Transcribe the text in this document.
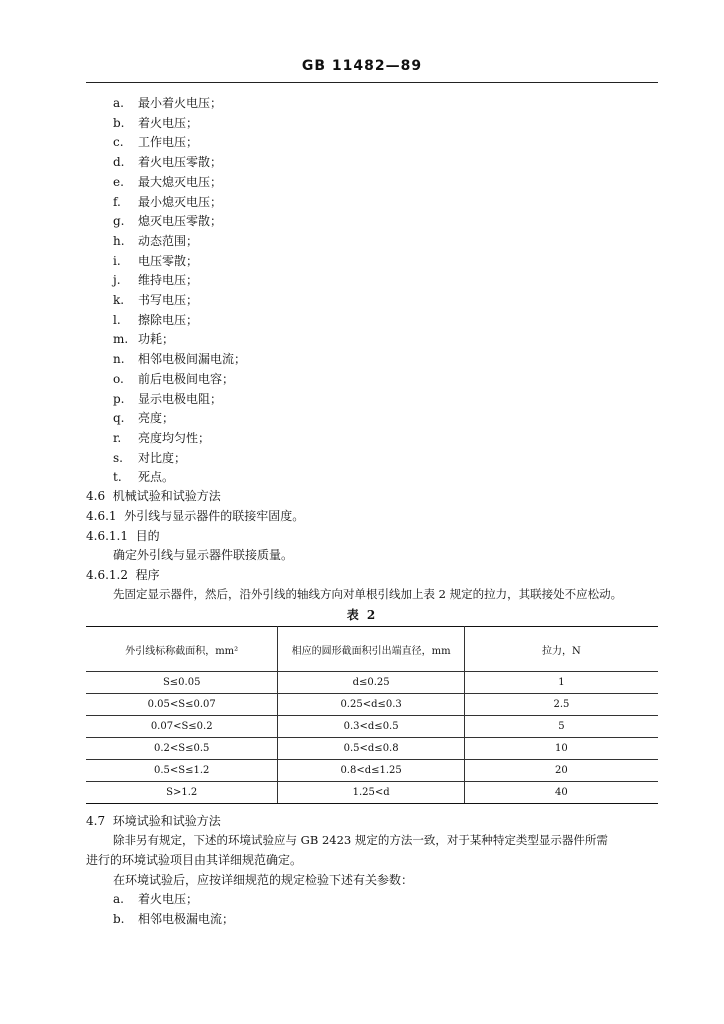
GB 11482—89
a. 最小着火电压；
b. 着火电压；
c. 工作电压；
d. 着火电压零散；
e. 最大熄灭电压；
f. 最小熄灭电压；
g. 熄灭电压零散；
h. 动态范围；
i. 电压零散；
j. 维持电压；
k. 书写电压；
l. 擦除电压；
m. 功耗；
n. 相邻电极间漏电流；
o. 前后电极间电容；
p. 显示电极电阻；
q. 亮度；
r. 亮度均匀性；
s. 对比度；
t. 死点。
4.6 机械试验和试验方法
4.6.1 外引线与显示器件的联接牢固度。
4.6.1.1 目的
确定外引线与显示器件联接质量。
4.6.1.2 程序
先固定显示器件，然后，沿外引线的轴线方向对单根引线加上表 2 规定的拉力，其联接处不应松动。
表 2
外引线标称截面积，mm²	相应的圆形截面积引出端直径，mm	拉力，N
S≤0.05	d≤0.25	1
0.05<S≤0.07	0.25<d≤0.3	2.5
0.07<S≤0.2	0.3<d≤0.5	5
0.2<S≤0.5	0.5<d≤0.8	10
0.5<S≤1.2	0.8<d≤1.25	20
S>1.2	1.25<d	40
4.7 环境试验和试验方法
除非另有规定，下述的环境试验应与 GB 2423 规定的方法一致，对于某种特定类型显示器件所需
进行的环境试验项目由其详细规范确定。
在环境试验后，应按详细规范的规定检验下述有关参数：
a. 着火电压；
b. 相邻电极漏电流；
